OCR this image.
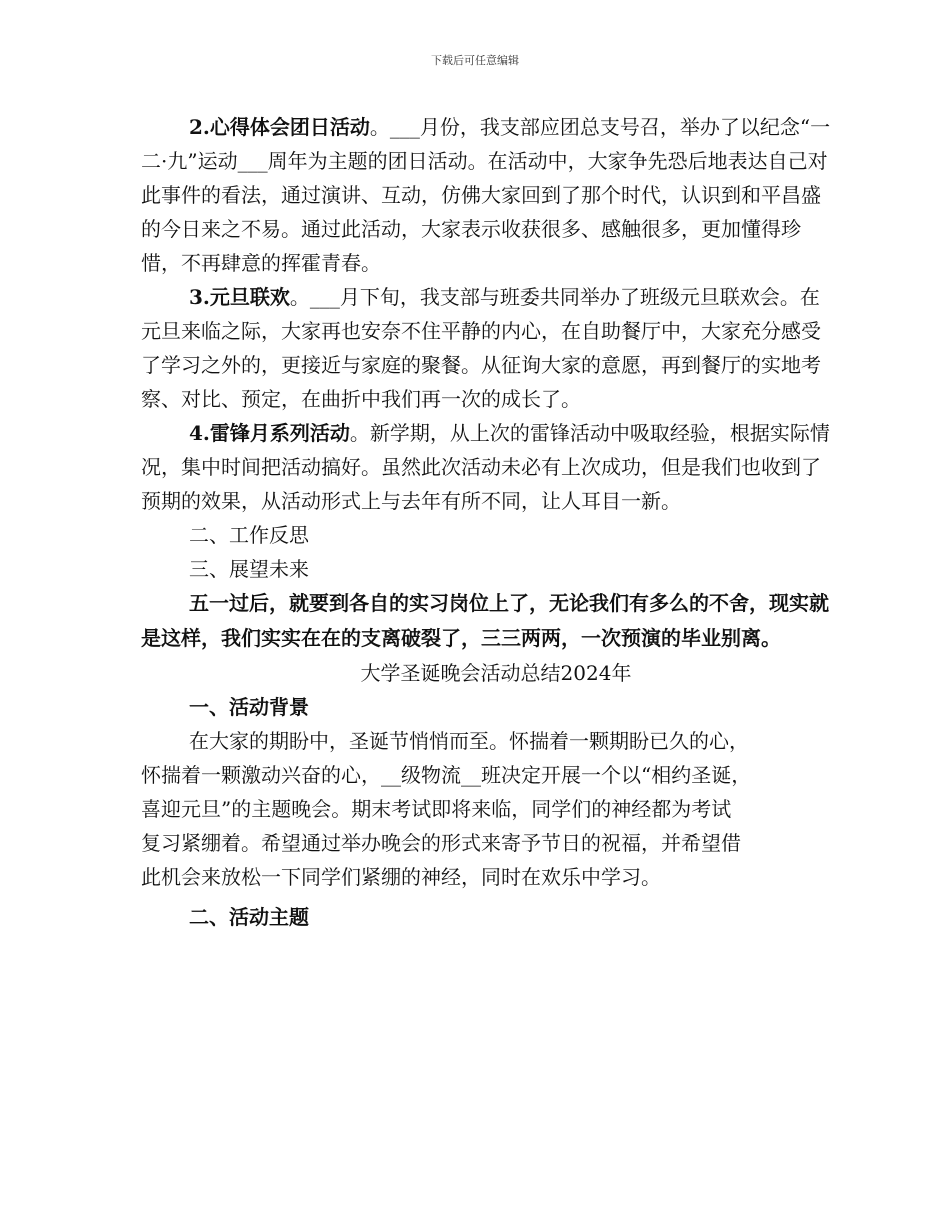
下载后可任意编辑

2.心得体会团日活动。___月份，我支部应团总支号召，举办了以纪念“一二·九”运动___周年为主题的团日活动。在活动中，大家争先恐后地表达自己对此事件的看法，通过演讲、互动，仿佛大家回到了那个时代，认识到和平昌盛的今日来之不易。通过此活动，大家表示收获很多、感触很多，更加懂得珍惜，不再肆意的挥霍青春。

3.元旦联欢。___月下旬，我支部与班委共同举办了班级元旦联欢会。在元旦来临之际，大家再也安奈不住平静的内心，在自助餐厅中，大家充分感受了学习之外的，更接近与家庭的聚餐。从征询大家的意愿，再到餐厅的实地考察、对比、预定，在曲折中我们再一次的成长了。

4.雷锋月系列活动。新学期，从上次的雷锋活动中吸取经验，根据实际情况，集中时间把活动搞好。虽然此次活动未必有上次成功，但是我们也收到了预期的效果，从活动形式上与去年有所不同，让人耳目一新。

二、工作反思

三、展望未来

五一过后，就要到各自的实习岗位上了，无论我们有多么的不舍，现实就是这样，我们实实在在的支离破裂了，三三两两，一次预演的毕业别离。

大学圣诞晚会活动总结2024年

一、活动背景

在大家的期盼中，圣诞节悄悄而至。怀揣着一颗期盼已久的心，

怀揣着一颗激动兴奋的心，__级物流__班决定开展一个以“相约圣诞，

喜迎元旦”的主题晚会。期末考试即将来临，同学们的神经都为考试

复习紧绷着。希望通过举办晚会的形式来寄予节日的祝福，并希望借

此机会来放松一下同学们紧绷的神经，同时在欢乐中学习。

二、活动主题
